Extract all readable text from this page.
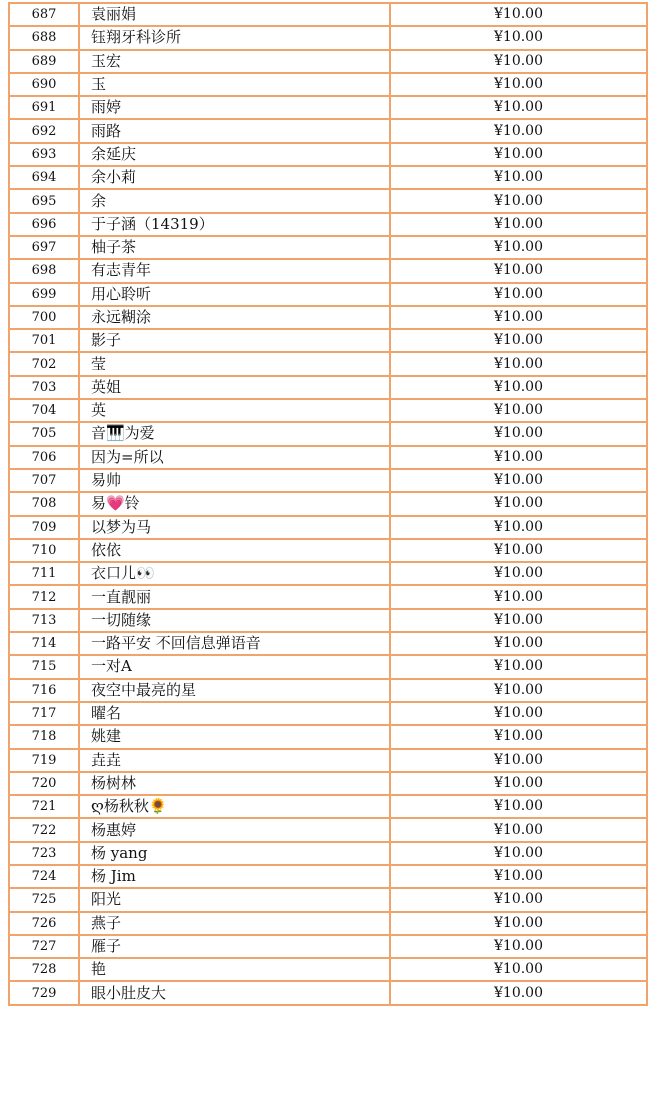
687	袁丽娟	¥10.00
688	钰翔牙科诊所	¥10.00
689	玉宏	¥10.00
690	玉	¥10.00
691	雨婷	¥10.00
692	雨路	¥10.00
693	余延庆	¥10.00
694	余小莉	¥10.00
695	余	¥10.00
696	于子涵（14319）	¥10.00
697	柚子茶	¥10.00
698	有志青年	¥10.00
699	用心聆听	¥10.00
700	永远糊涂	¥10.00
701	影子	¥10.00
702	莹	¥10.00
703	英姐	¥10.00
704	英	¥10.00
705	音🎹为爱	¥10.00
706	因为=所以	¥10.00
707	易帅	¥10.00
708	易💗铃	¥10.00
709	以梦为马	¥10.00
710	依依	¥10.00
711	衣口儿👀	¥10.00
712	一直靓丽	¥10.00
713	一切随缘	¥10.00
714	一路平安 不回信息弹语音	¥10.00
715	一对A	¥10.00
716	夜空中最亮的星	¥10.00
717	曜名	¥10.00
718	姚建	¥10.00
719	垚垚	¥10.00
720	杨树林	¥10.00
721	ღ杨秋秋🌻	¥10.00
722	杨惠婷	¥10.00
723	杨 yang	¥10.00
724	杨 Jim	¥10.00
725	阳光	¥10.00
726	燕子	¥10.00
727	雁子	¥10.00
728	艳	¥10.00
729	眼小肚皮大	¥10.00
